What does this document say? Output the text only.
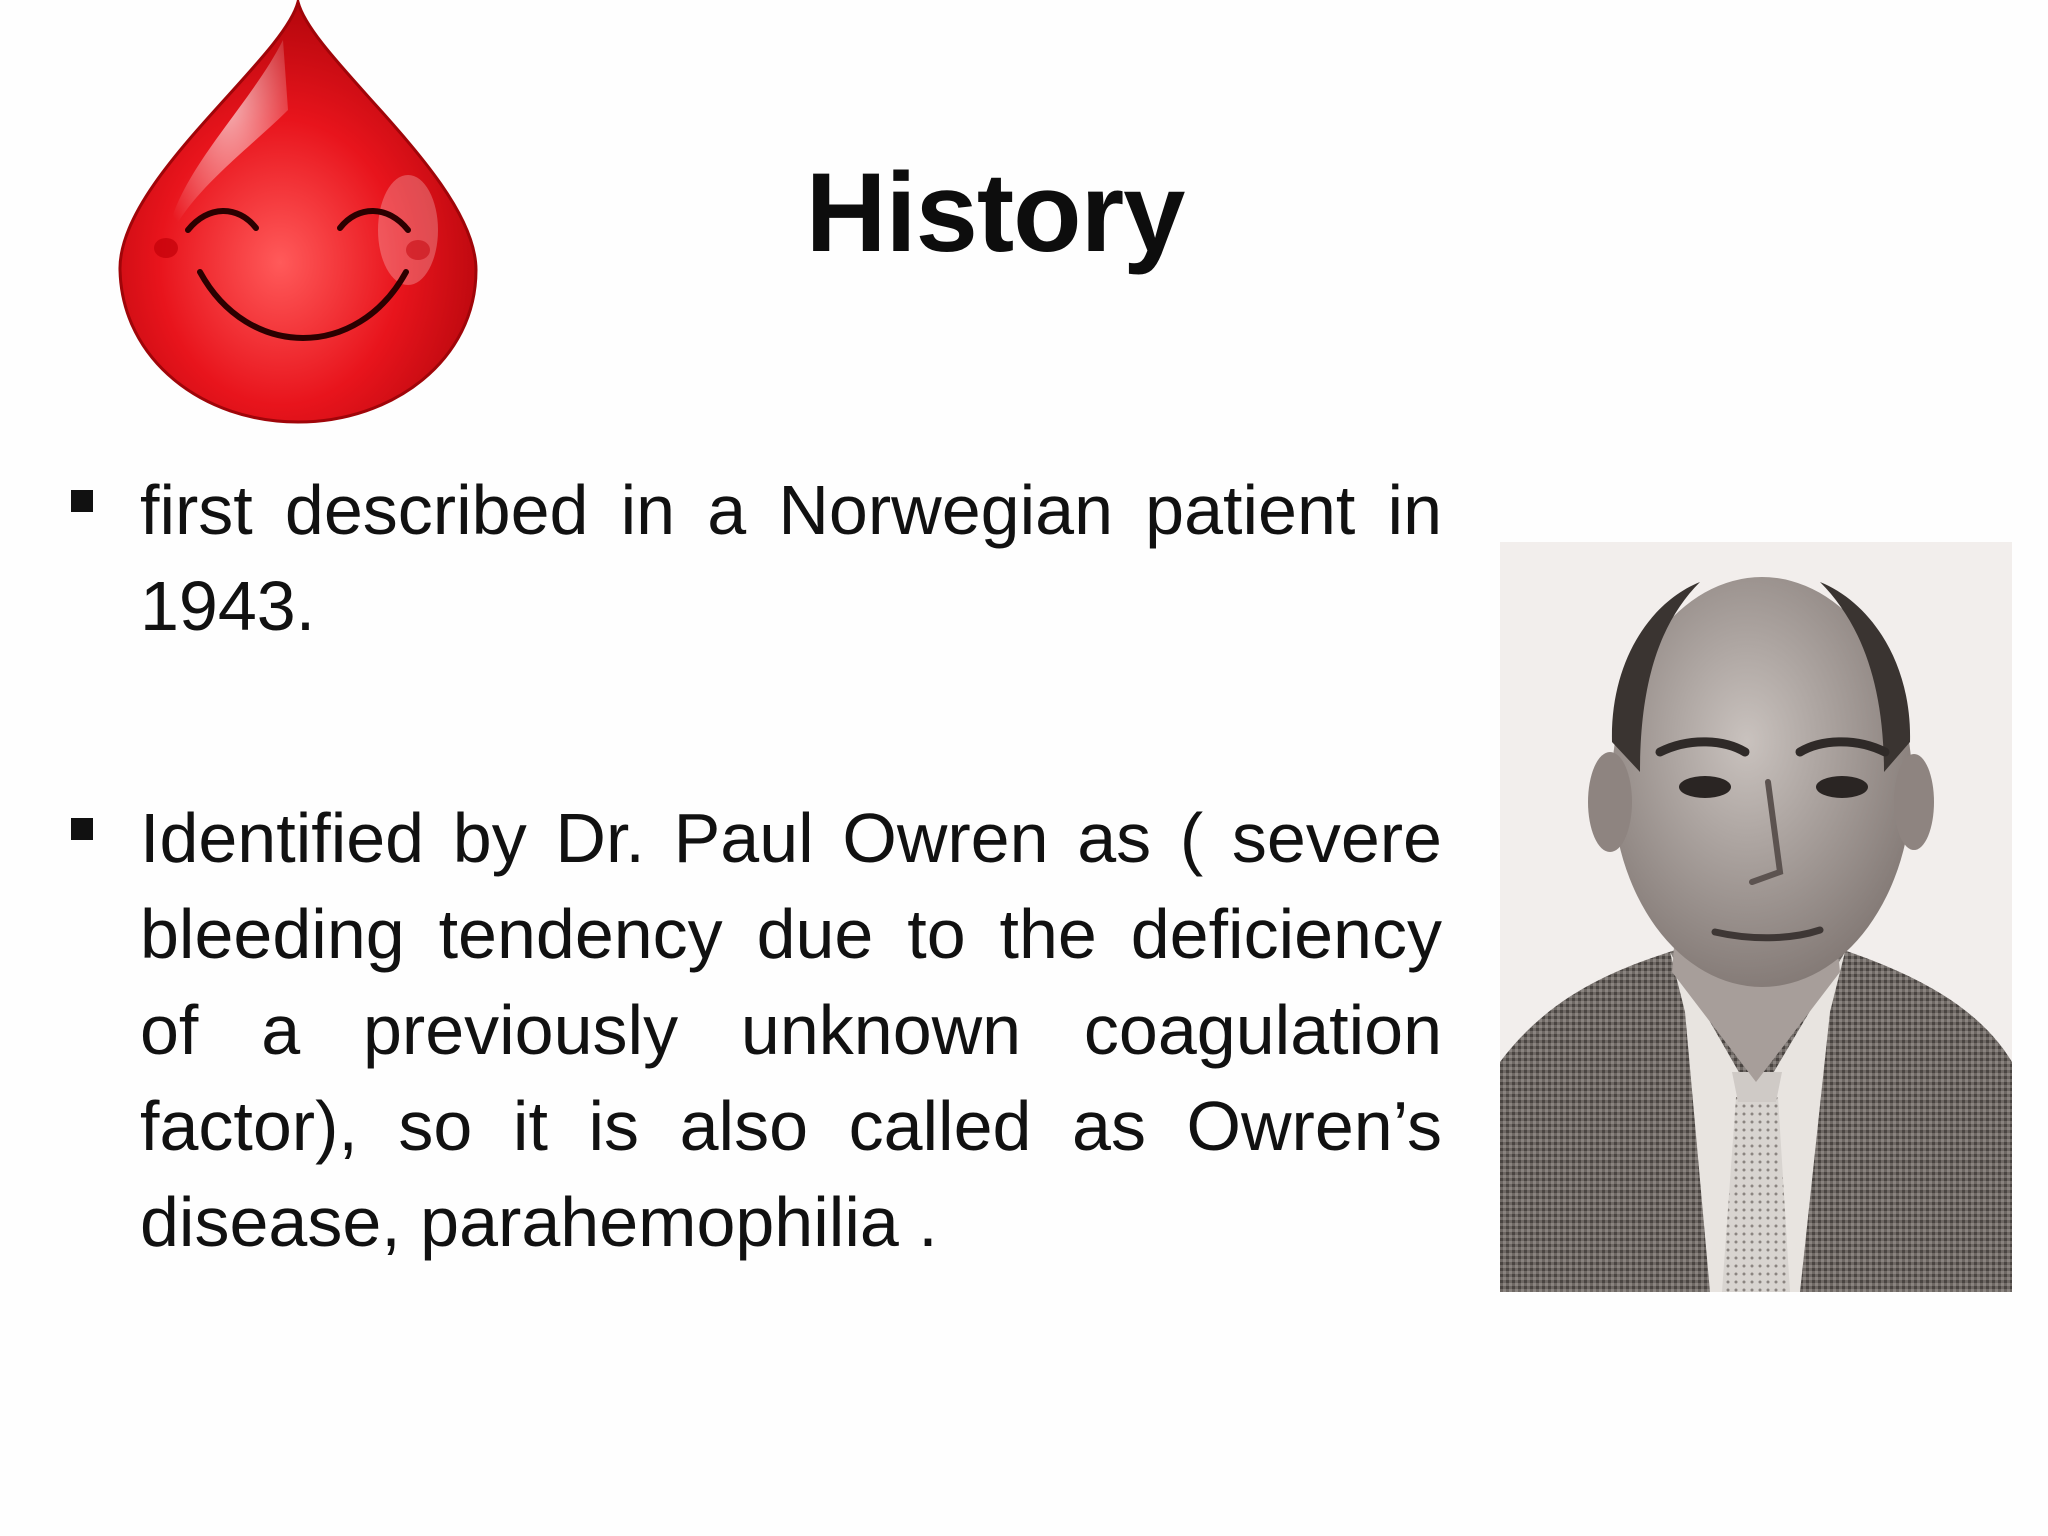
History
first described in a Norwegian patient in 1943.
Identified by Dr. Paul Owren as ( severe bleeding tendency due to the deficiency of a previously unknown coagulation factor), so it is also called as Owren’s disease, parahemophilia .
